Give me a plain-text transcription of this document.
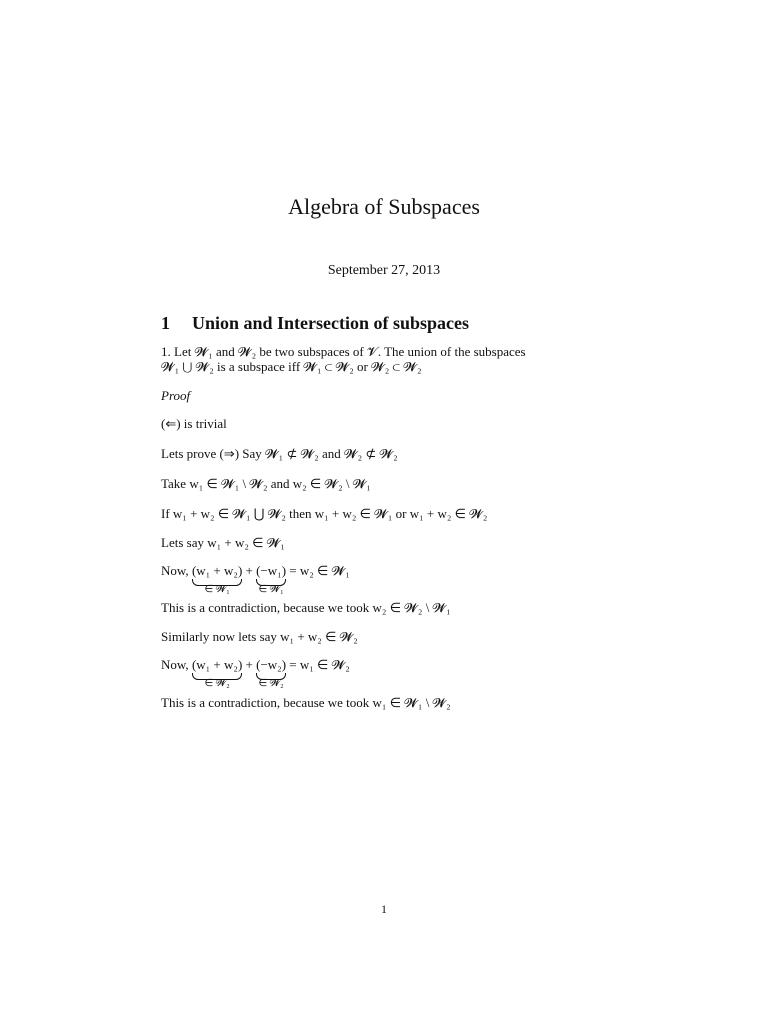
Algebra of Subspaces
September 27, 2013
1 Union and Intersection of subspaces
1. Let 𝓦₁ and 𝓦₂ be two subspaces of 𝓥. The union of the subspaces
𝓦₁ ⋃ 𝓦₂ is a subspace iff 𝓦₁ ⊂ 𝓦₂ or 𝓦₂ ⊂ 𝓦₂
Proof
(⇐) is trivial
Lets prove (⇒) Say 𝓦₁ ⊄ 𝓦₂ and 𝓦₂ ⊄ 𝓦₂
Take w₁ ∈ 𝓦₁ \ 𝓦₂ and w₂ ∈ 𝓦₂ \ 𝓦₁
If w₁ + w₂ ∈ 𝓦₁ ⋃ 𝓦₂ then w₁ + w₂ ∈ 𝓦₁ or w₁ + w₂ ∈ 𝓦₂
Lets say w₁ + w₂ ∈ 𝓦₁
Now, (w₁ + w₂)
∈ 𝓦₁
+ (−w₁)
∈ 𝓦₁
= w₂ ∈ 𝓦₁
This is a contradiction, because we took w₂ ∈ 𝓦₂ \ 𝓦₁
Similarly now lets say w₁ + w₂ ∈ 𝓦₂
Now, (w₁ + w₂)
∈ 𝓦₂
+ (−w₂)
∈ 𝓦₂
= w₁ ∈ 𝓦₂
This is a contradiction, because we took w₁ ∈ 𝓦₁ \ 𝓦₂
1
